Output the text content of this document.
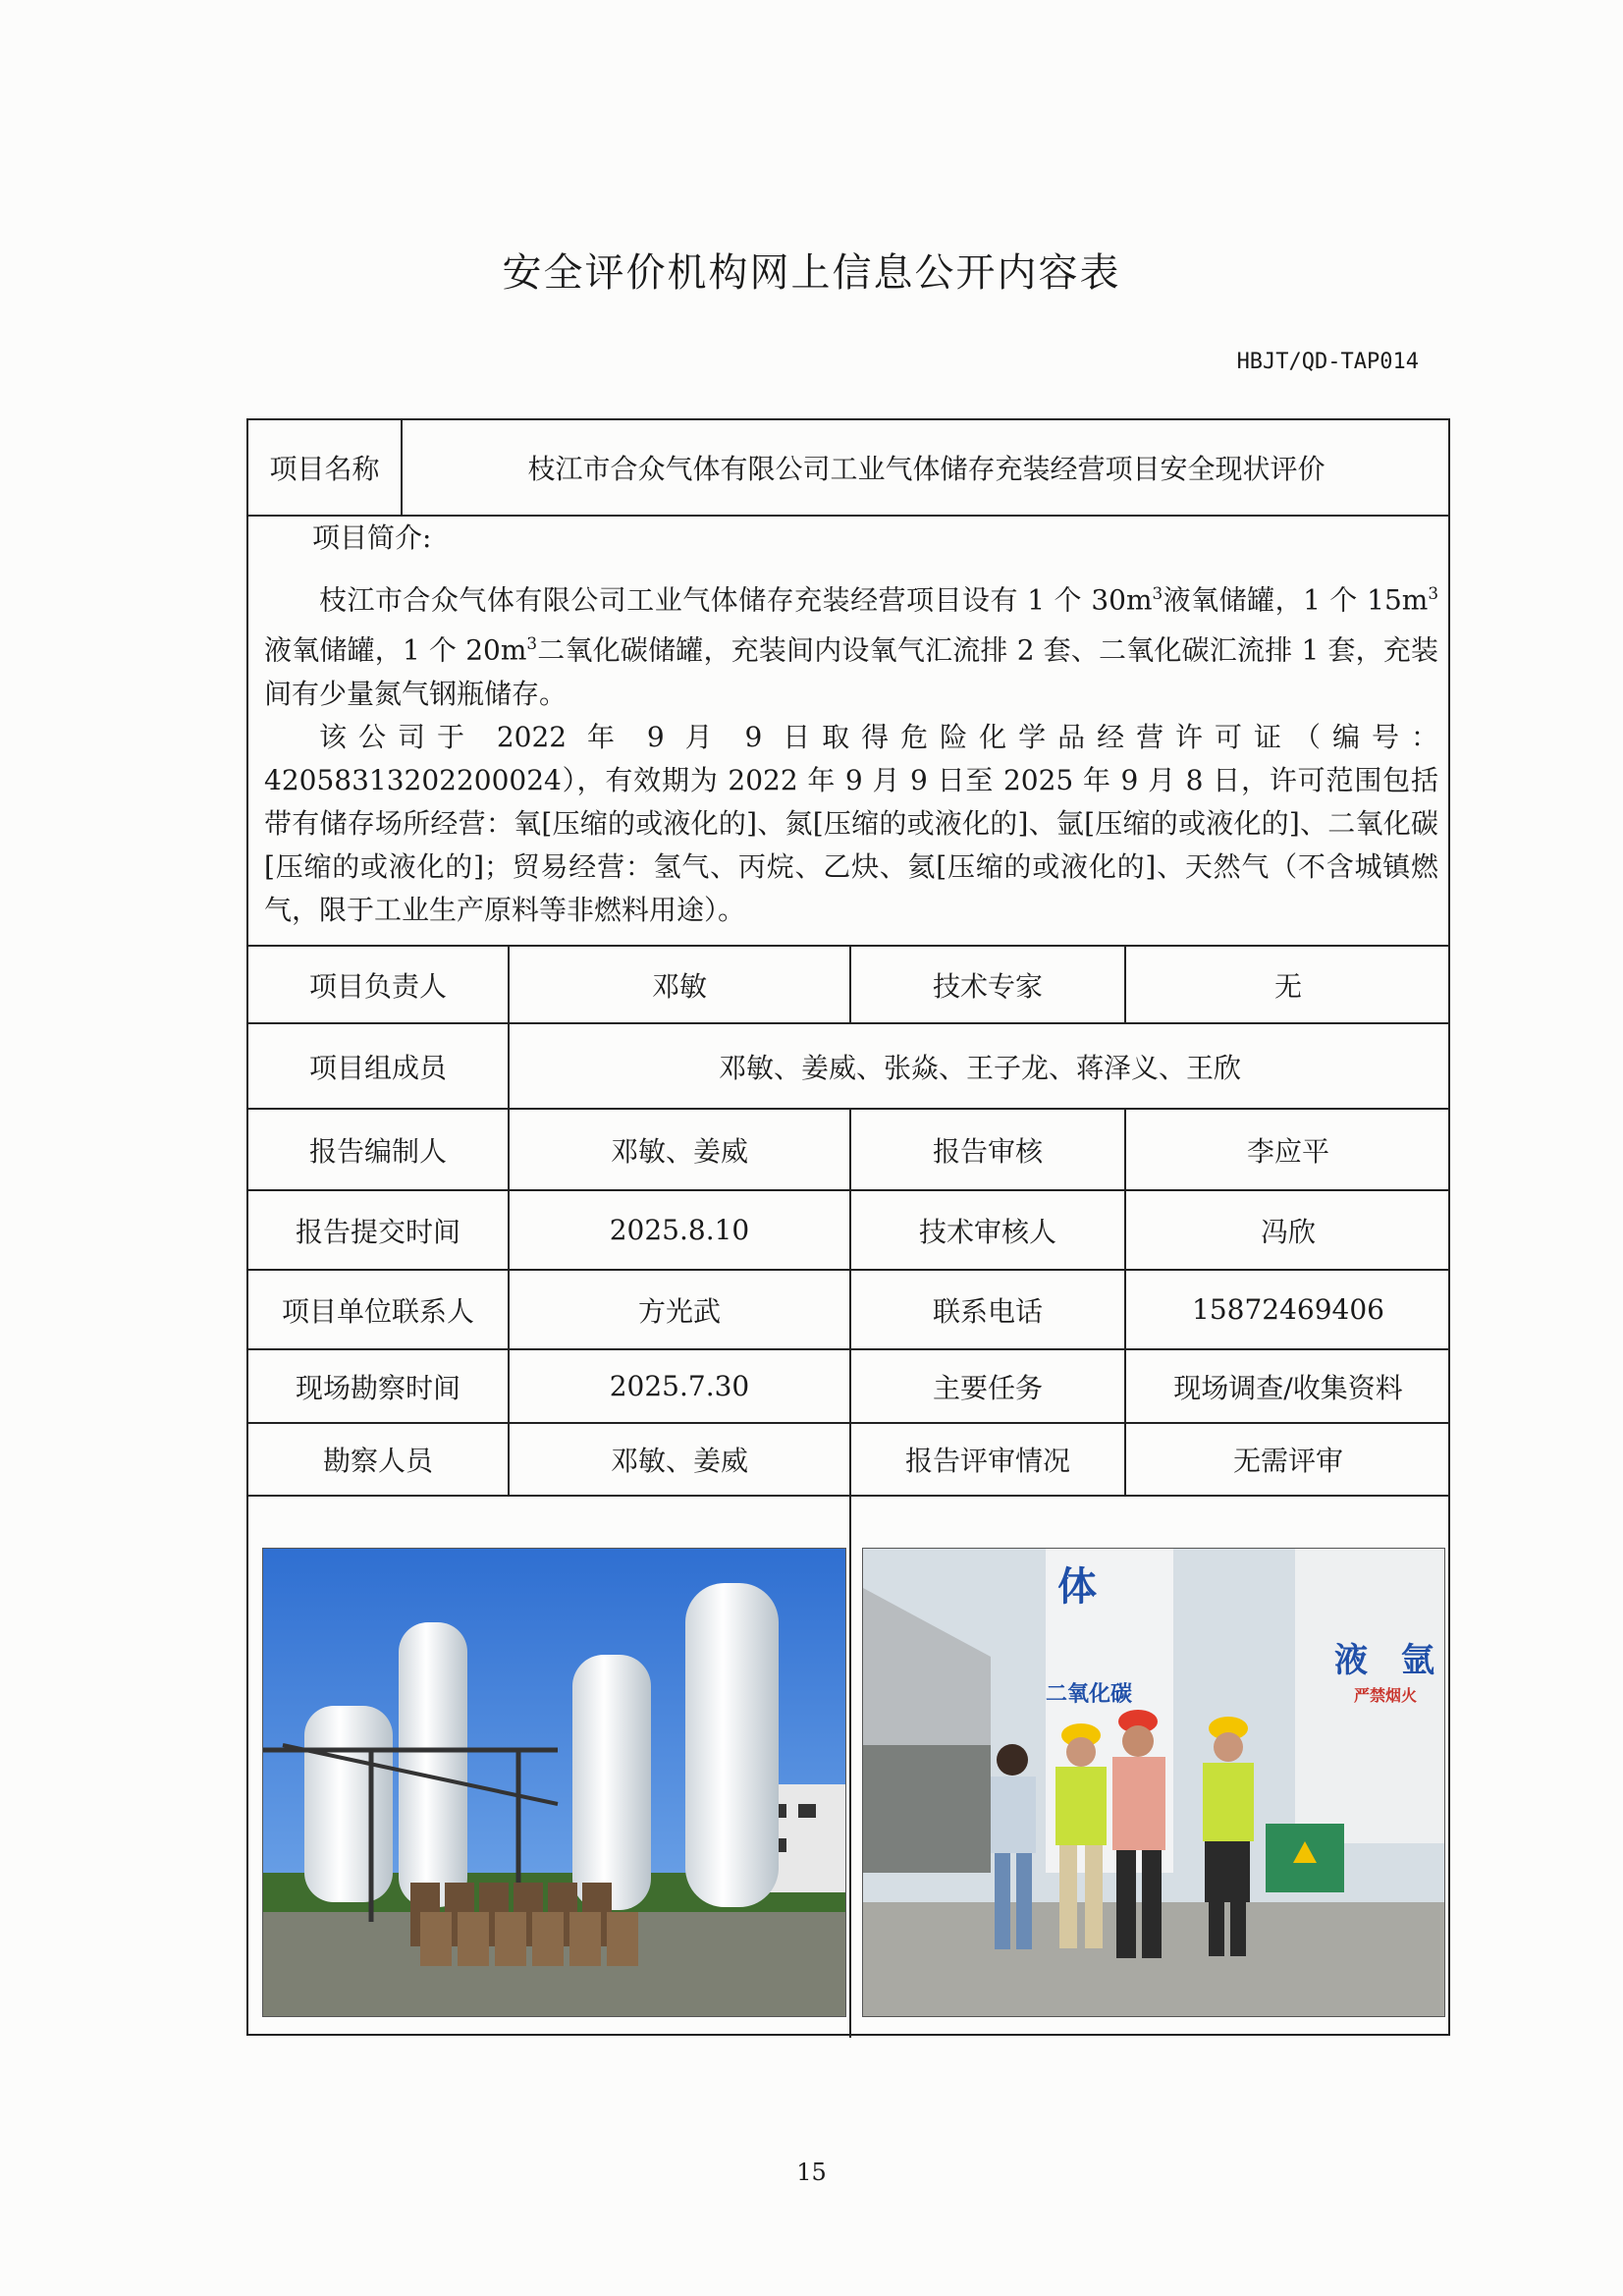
安全评价机构网上信息公开内容表
HBJT/QD-TAP014
项目名称	枝江市合众气体有限公司工业气体储存充装经营项目安全现状评价

项目简介:

枝江市合众气体有限公司工业气体储存充装经营项目设有 1 个 $30m^3$液氧储罐，1 个 $15m^3$液氧储罐，1 个 $20m^3$二氧化碳储罐，充装间内设氧气汇流排 2 套、二氧化碳汇流排 1 套，充装间有少量氮气钢瓶储存。

该公司于 2022 年 9 月 9 日取得危险化学品经营许可证（编号：42058313202200024），有效期为 2022 年 9 月 9 日至 2025 年 9 月 8 日，许可范围包括带有储存场所经营：氧[压缩的或液化的]、氮[压缩的或液化的]、氩[压缩的或液化的]、二氧化碳[压缩的或液化的]；贸易经营：氢气、丙烷、乙炔、氦[压缩的或液化的]、天然气（不含城镇燃气，限于工业生产原料等非燃料用途）。

项目负责人	邓敏	技术专家	无
项目组成员	邓敏、姜威、张焱、王子龙、蒋泽义、王欣
报告编制人	邓敏、姜威	报告审核	李应平
报告提交时间	2025.8.10	技术审核人	冯欣
项目单位联系人	方光武	联系电话	15872469406
现场勘察时间	2025.7.30	主要任务	现场调查/收集资料
勘察人员	邓敏、姜威	报告评审情况	无需评审
体
二氧化碳
液　氩
严禁烟火
15
